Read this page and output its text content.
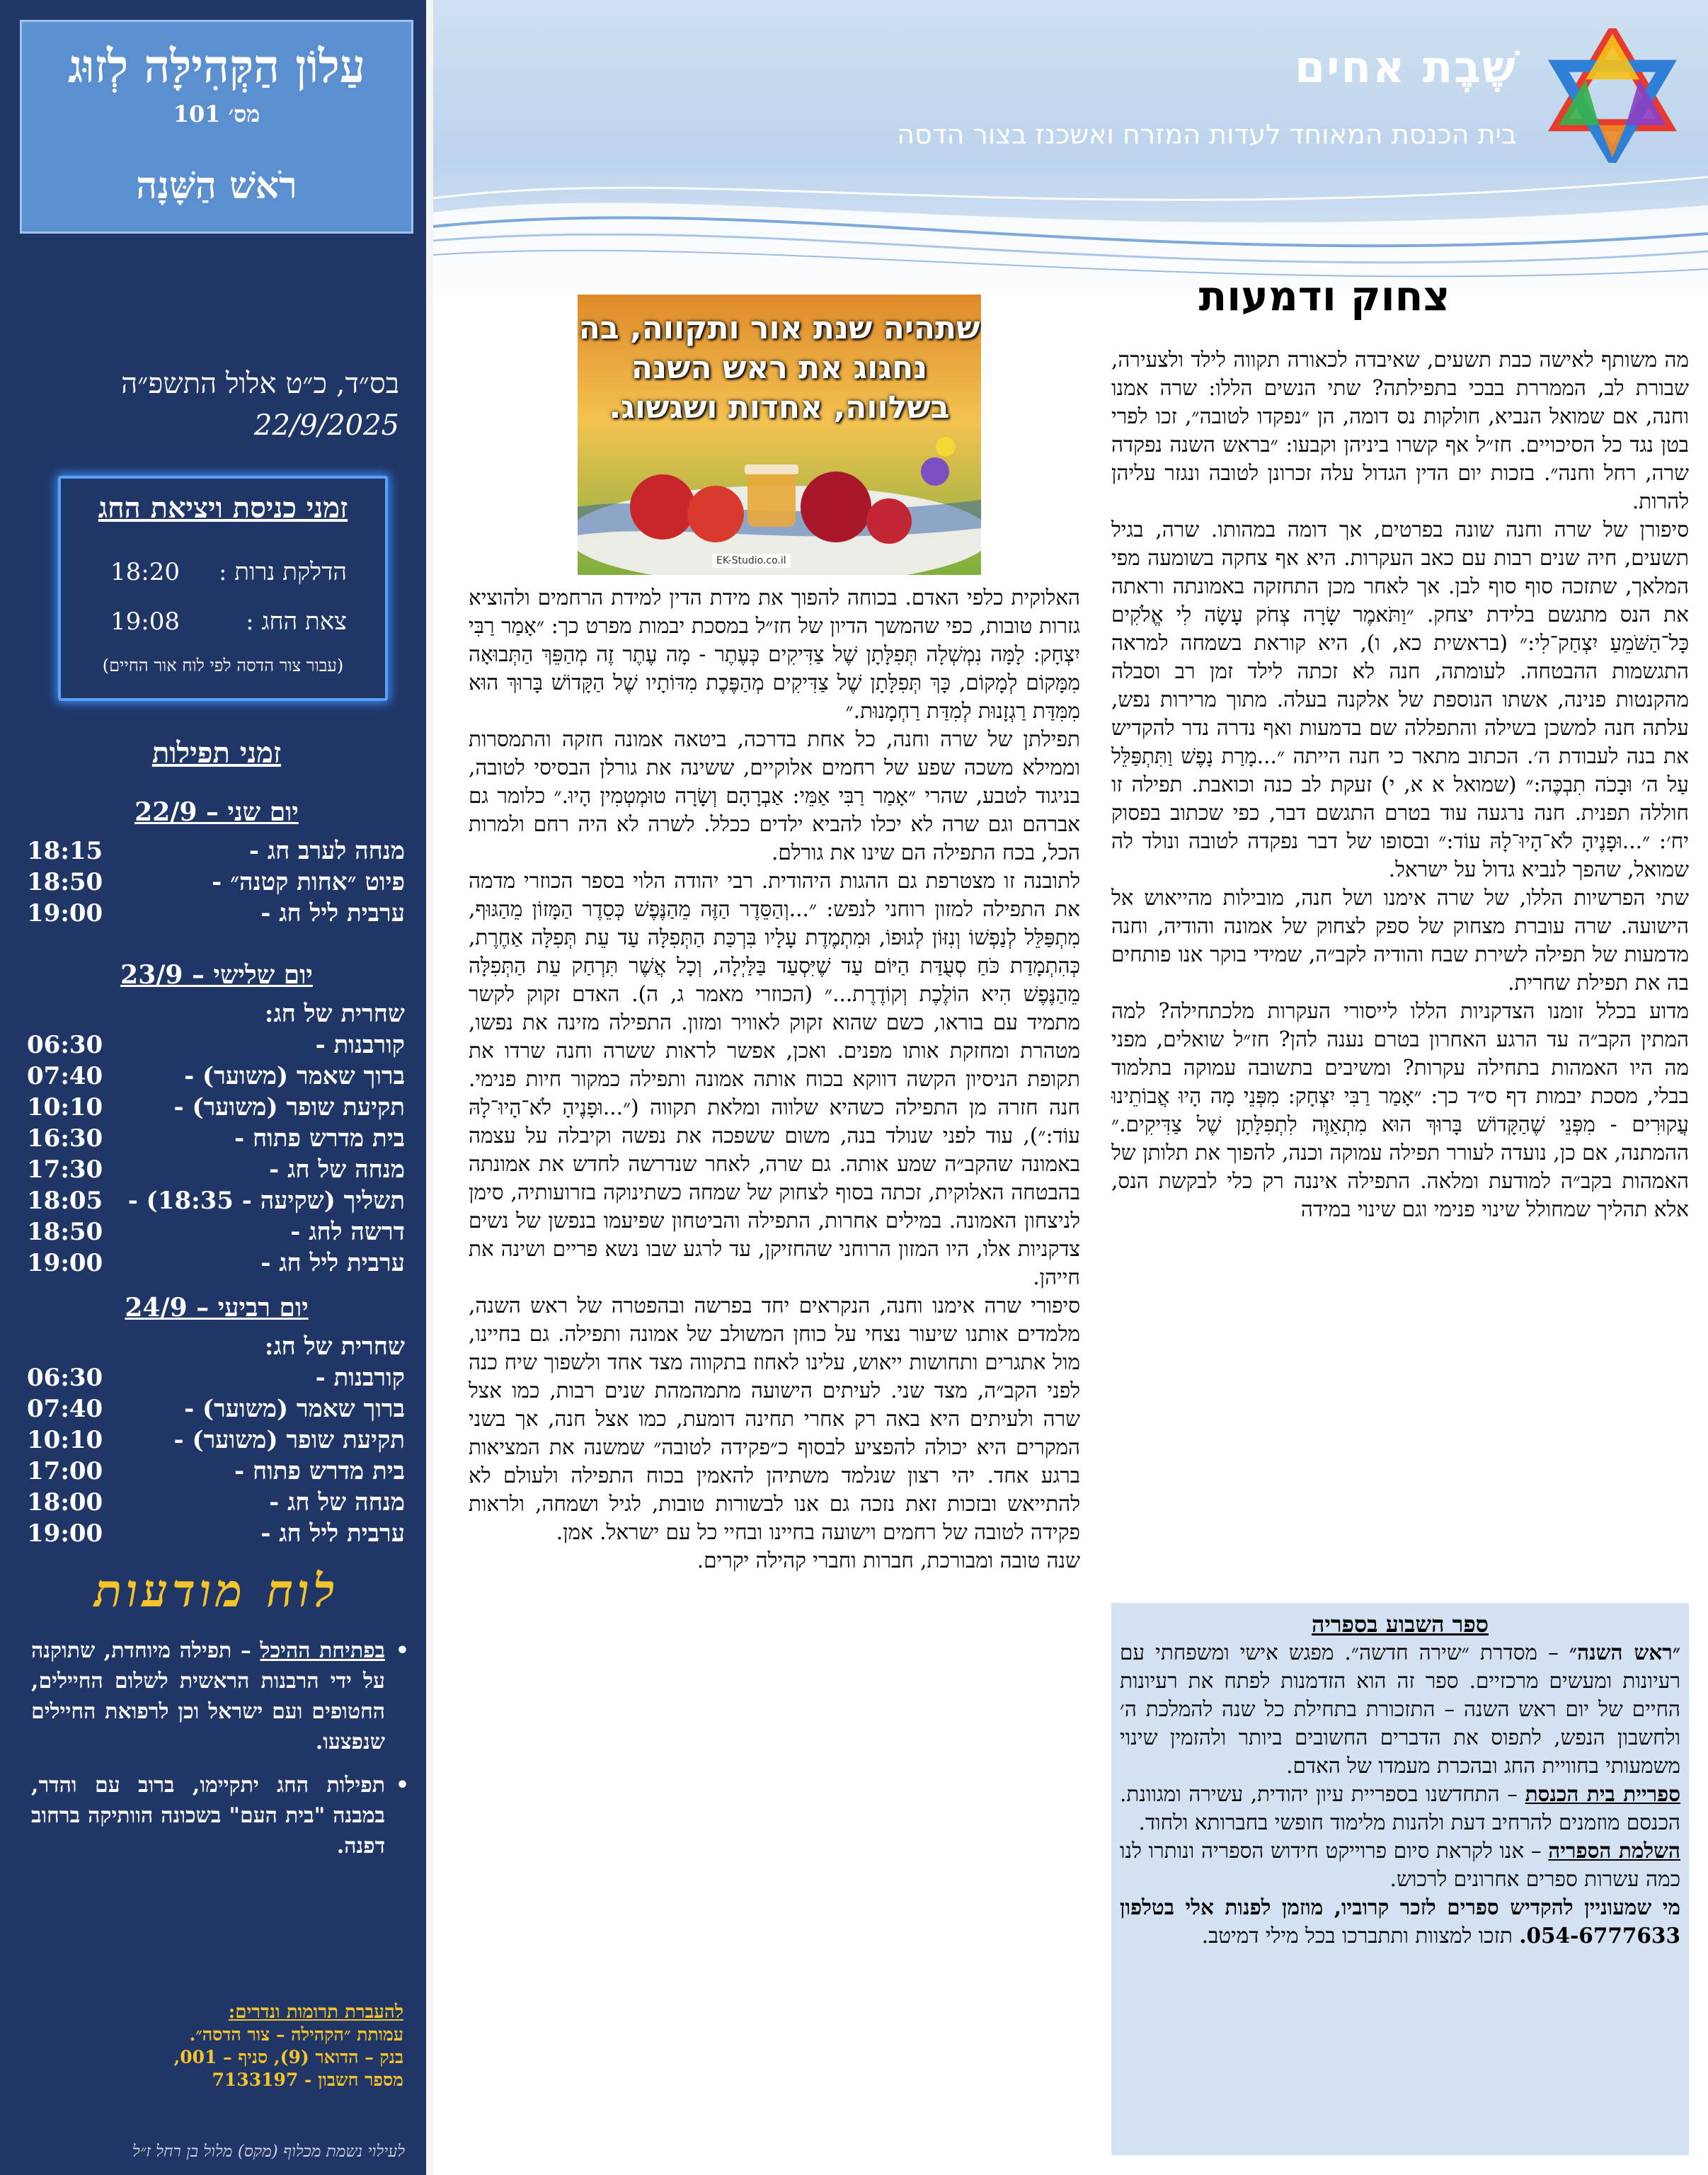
שֶׁבֶת אחים
בית הכנסת המאוחד לעדות המזרח ואשכנז בצור הדסה
עַלוֹן הַקְּהִילָּה לְזוּג
מס׳ 101
רֹאשׁ הַשָּׁנָה
בס״ד, כ״ט אלול התשפ״ה
22/9/2025
זמני כניסת ויציאת החג
הדלקת נרות :
18:20
צאת החג :
19:08
(עבור צור הדסה לפי לוח אור החיים)
זמני תפילות
יום שני – 22/9
מנחה לערב חג -
18:15
פיוט ״אחות קטנה״ -
18:50
ערבית ליל חג -
19:00
יום שלישי – 23/9
שחרית של חג:
קורבנות -
06:30
ברוך שאמר (משוער) -
07:40
תקיעת שופר (משוער) -
10:10
בית מדרש פתוח -
16:30
מנחה של חג -
17:30
תשליך (שקיעה - 18:35) -
18:05
דרשה לחג -
18:50
ערבית ליל חג -
19:00
יום רביעי – 24/9
שחרית של חג:
קורבנות -
06:30
ברוך שאמר (משוער) -
07:40
תקיעת שופר (משוער) -
10:10
בית מדרש פתוח -
17:00
מנחה של חג -
18:00
ערבית ליל חג -
19:00
לוח מודעות
•

בפתיחת ההיכל – תפילה מיוחדת, שתוקנה על ידי הרבנות הראשית לשלום החיילים, החטופים ועם ישראל וכן לרפואת החיילים שנפצעו.

•

תפילות החג יתקיימו, ברוב עם והדר, במבנה "בית העם" בשכונה הוותיקה ברחוב דפנה.

להעברת תרומות ונדרים:
עמותת ״הקהילה – צור הדסה״.
בנק – הדואר (9), סניף – 001,
מספר חשבון - 7133197
לעילוי נשמת מכלוף (מקס) מלול בן רחל ז״ל
צחוק ודמעות
שתהיה שנת אור ותקווה, בה נחגוג את ראש השנה בשלווה, אחדות ושגשוג.
EK-Studio.co.il

מה משותף לאישה כבת תשעים, שאיבדה לכאורה תקווה לילד ולצעירה, שבורת לב, הממררת בבכי בתפילתה? שתי הנשים הללו: שרה אמנו וחנה, אם שמואל הנביא, חולקות נס דומה, הן ״נפקדו לטובה״, זכו לפרי בטן נגד כל הסיכויים. חז״ל אף קשרו ביניהן וקבעו: ״בראש השנה נפקדה שרה, רחל וחנה״. בזכות יום הדין הגדול עלה זכרונן לטובה ונגזר עליהן להרות.

סיפורן של שרה וחנה שונה בפרטים, אך דומה במהותו. שרה, בגיל תשעים, חיה שנים רבות עם כאב העקרות. היא אף צחקה בשומעה מפי המלאך, שתזכה סוף סוף לבן. אך לאחר מכן התחזקה באמונתה וראתה את הנס מתגשם בלידת יצחק. ״וַתֹּאמֶר שָׂרָה צְחֹק עָשָׂה לִי אֱלֹקִים כָּל־הַשֹּׁמֵעַ יִצְחַק־לִי:״ (בראשית כא, ו), היא קוראת בשמחה למראה התגשמות ההבטחה. לעומתה, חנה לא זכתה לילד זמן רב וסבלה מהקנטות פנינה, אשתו הנוספת של אלקנה בעלה. מתוך מרירות נפש, עלתה חנה למשכן בשילה והתפללה שם בדמעות ואף נדרה נדר להקדיש את בנה לעבודת ה׳. הכתוב מתאר כי חנה הייתה ״...מָרַת נָפֶשׁ וַתִּתְפַּלֵּל עַל ה׳ וּבָכֹה תִבְכֶּה:״ (שמואל א א, י) זעקת לב כנה וכואבת. תפילה זו חוללה תפנית. חנה נרגעה עוד בטרם התגשם דבר, כפי שכתוב בפסוק יח׳: ״...וּפָנֶיהָ לֹא־הָיוּ־לָהּ עוֹד:״ ובסופו של דבר נפקדה לטובה ונולד לה שמואל, שהפך לנביא גדול על ישראל.

שתי הפרשיות הללו, של שרה אימנו ושל חנה, מובילות מהייאוש אל הישועה. שרה עוברת מצחוק של ספק לצחוק של אמונה והודיה, וחנה מדמעות של תפילה לשירת שבח והודיה לקב״ה, שמידי בוקר אנו פותחים בה את תפילת שחרית.

מדוע בכלל זומנו הצדקניות הללו לייסורי העקרות מלכתחילה? למה המתין הקב״ה עד הרגע האחרון בטרם נענה להן? חז״ל שואלים, מפני מה היו האמהות בתחילה עקרות? ומשיבים בתשובה עמוקה בתלמוד בבלי, מסכת יבמות דף ס״ד כך: ״אָמַר רַבִּי יִצְחָק: מִפְּנֵי מָה הָיוּ אֲבוֹתֵינוּ עֲקוּרִים - מִפְּנֵי שֶׁהַקָּדוֹשׁ בָּרוּךְ הוּא מִתְאַוֶּה לִתְפִלָּתָן שֶׁל צַדִּיקִים.״ ההמתנה, אם כן, נועדה לעורר תפילה עמוקה וכנה, להפוך את תלותן של האמהות בקב״ה למודעת ומלאה. התפילה איננה רק כלי לבקשת הנס, אלא תהליך שמחולל שינוי פנימי וגם שינוי במידה

האלוקית כלפי האדם. בכוחה להפוך את מידת הדין למידת הרחמים ולהוציא גזרות טובות, כפי שהמשך הדיון של חז״ל במסכת יבמות מפרט כך: ״אָמַר רַבִּי יִצְחָק: לָמָּה נִמְשְׁלָה תְּפִלָּתָן שֶׁל צַדִּיקִים כְּעֶתֶר - מָה עֶתֶר זֶה מְהַפֵּךְ הַתְּבוּאָה מִמָּקוֹם לְמָקוֹם, כָּךְ תְּפִלָּתָן שֶׁל צַדִּיקִים מְהַפֶּכֶת מִדּוֹתָיו שֶׁל הַקָּדוֹשׁ בָּרוּךְ הוּא מִמִּדַּת רַגְזָנוּת לְמִדַּת רַחְמָנוּת.״

תפילתן של שרה וחנה, כל אחת בדרכה, ביטאה אמונה חזקה והתמסרות וממילא משכה שפע של רחמים אלוקיים, ששינה את גורלן הבסיסי לטובה, בניגוד לטבע, שהרי ״אָמַר רַבִּי אַמֵּי: אַבְרָהָם וְשָׂרָה טוּמְטְמִין הָיוּ.״ כלומר גם אברהם וגם שרה לא יכלו להביא ילדים ככלל. לשרה לא היה רחם ולמרות הכל, בכח התפילה הם שינו את גורלם.

לתובנה זו מצטרפת גם ההגות היהודית. רבי יהודה הלוי בספר הכוזרי מדמה את התפילה למזון רוחני לנפש: ״...וְהַסֵּדֶר הַזֶּה מֵהַנֶּפֶשׁ כְּסֵדֶר הַמָּזוֹן מֵהַגּוּף, מִתְפַּלֵּל לְנַפְשׁוֹ וְנִזּוֹן לְגוּפוֹ, וּמִתְמֶדֶת עָלָיו בִּרְכַּת הַתְּפִלָּה עַד עֵת תְּפִלָּה אַחֶרֶת, כְּהִתְמָדַת כֹּחַ סְעֻדַּת הַיּוֹם עַד שֶׁיִּסְעַד בַּלַּיְלָה, וְכָל אֲשֶׁר תִּרְחַק עֵת הַתְּפִלָּה מֵהַנֶּפֶשׁ הִיא הוֹלֶכֶת וְקוֹדֶרֶת...״ (הכוזרי מאמר ג, ה). האדם זקוק לקשר מתמיד עם בוראו, כשם שהוא זקוק לאוויר ומזון. התפילה מזינה את נפשו, מטהרת ומחזקת אותו מפנים. ואכן, אפשר לראות ששרה וחנה שרדו את תקופת הניסיון הקשה דווקא בכוח אותה אמונה ותפילה כמקור חיות פנימי. חנה חזרה מן התפילה כשהיא שלווה ומלאת תקווה (״...וּפָנֶיהָ לֹא־הָיוּ־לָהּ עוֹד:״), עוד לפני שנולד בנה, משום ששפכה את נפשה וקיבלה על עצמה באמונה שהקב״ה שמע אותה. גם שרה, לאחר שנדרשה לחדש את אמונתה בהבטחה האלוקית, זכתה בסוף לצחוק של שמחה כשתינוקה בזרועותיה, סימן לניצחון האמונה. במילים אחרות, התפילה והביטחון שפיעמו בנפשן של נשים צדקניות אלו, היו המזון הרוחני שהחזיקן, עד לרגע שבו נשא פריים ושינה את חייהן.

סיפורי שרה אימנו וחנה, הנקראים יחד בפרשה ובהפטרה של ראש השנה, מלמדים אותנו שיעור נצחי על כוחן המשולב של אמונה ותפילה. גם בחיינו, מול אתגרים ותחושות ייאוש, עלינו לאחוז בתקווה מצד אחד ולשפוך שיח כנה לפני הקב״ה, מצד שני. לעיתים הישועה מתמהמהת שנים רבות, כמו אצל שרה ולעיתים היא באה רק אחרי תחינה דומעת, כמו אצל חנה, אך בשני המקרים היא יכולה להפציע לבסוף כ״פקידה לטובה״ שמשנה את המציאות ברגע אחד. יהי רצון שנלמד משתיהן להאמין בכוח התפילה ולעולם לא להתייאש ובזכות זאת נזכה גם אנו לבשורות טובות, לגיל ושמחה, ולראות פקידה לטובה של רחמים וישועה בחיינו ובחיי כל עם ישראל. אמן.

שנה טובה ומבורכת, חברות וחברי קהילה יקרים.

ספר השבוע בספריה

״ראש השנה״ – מסדרת ״שירה חדשה״. מפגש אישי ומשפחתי עם רעיונות ומעשים מרכזיים. ספר זה הוא הזדמנות לפתח את רעיונות החיים של יום ראש השנה – התזכורת בתחילת כל שנה להמלכת ה׳ ולחשבון הנפש, לתפוס את הדברים החשובים ביותר ולהזמין שינוי משמעותי בחוויית החג ובהכרת מעמדו של האדם.

ספריית בית הכנסת – התחדשנו בספריית עיון יהודית, עשירה ומגוונת. הכנסם מוזמנים להרחיב דעת ולהנות מלימוד חופשי בחברותא ולחוד.

השלמת הספריה – אנו לקראת סיום פרוייקט חידוש הספריה ונותרו לנו כמה עשרות ספרים אחרונים לרכוש.

מי שמעוניין להקדיש ספרים לזכר קרוביו, מוזמן לפנות אלי בטלפון 054-6777633. תזכו למצוות ותתברכו בכל מילי דמיטב.
